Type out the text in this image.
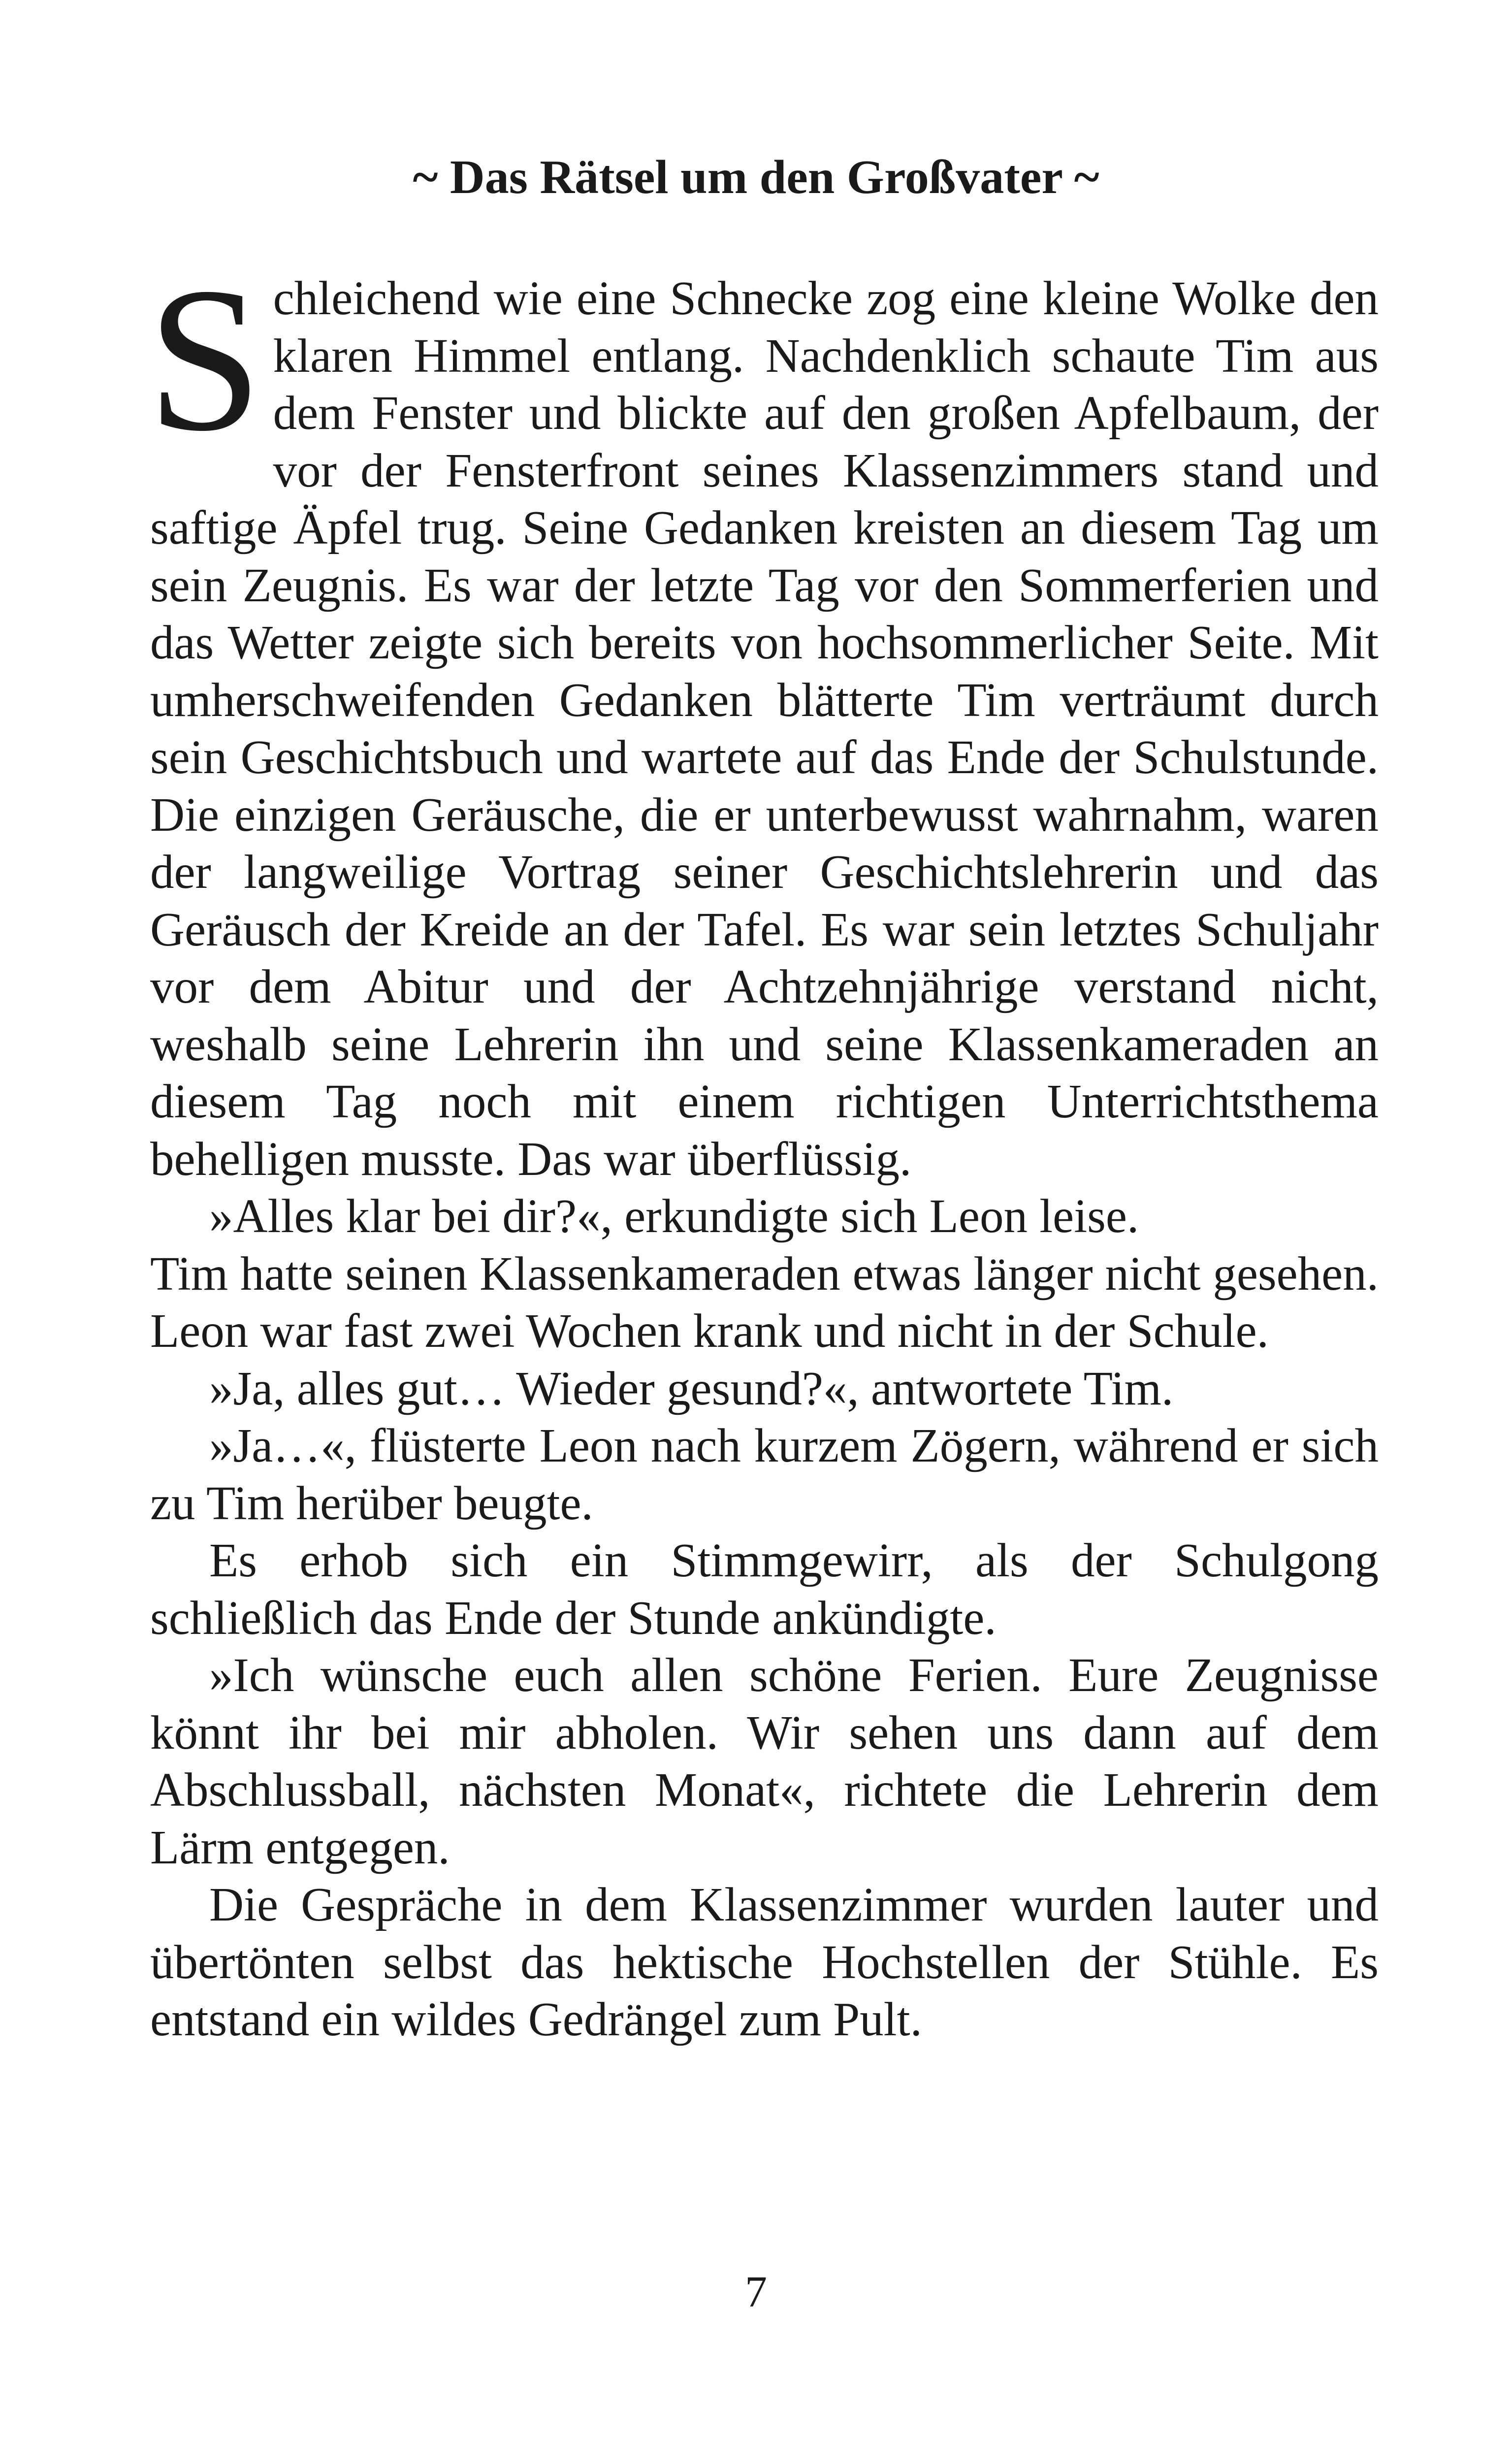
~ Das Rätsel um den Großvater ~

Schleichend wie eine Schnecke zog eine kleine Wolke den klaren Himmel entlang. Nachdenklich schaute Tim aus dem Fenster und blickte auf den großen Apfelbaum, der vor der Fensterfront seines Klassenzimmers stand und saftige Äpfel trug. Seine Gedanken kreisten an diesem Tag um sein Zeugnis. Es war der letzte Tag vor den Sommerferien und das Wetter zeigte sich bereits von hochsommerlicher Seite. Mit umherschweifenden Gedanken blätterte Tim verträumt durch sein Geschichtsbuch und wartete auf das Ende der Schulstunde. Die einzigen Geräusche, die er unterbewusst wahrnahm, waren der langweilige Vortrag seiner Geschichtslehrerin und das Geräusch der Kreide an der Tafel. Es war sein letztes Schuljahr vor dem Abitur und der Achtzehnjährige verstand nicht, weshalb seine Lehrerin ihn und seine Klassenkameraden an diesem Tag noch mit einem richtigen Unterrichtsthema behelligen musste. Das war überflüssig.

»Alles klar bei dir?«, erkundigte sich Leon leise.

Tim hatte seinen Klassenkameraden etwas länger nicht gesehen. Leon war fast zwei Wochen krank und nicht in der Schule.

»Ja, alles gut… Wieder gesund?«, antwortete Tim.

»Ja…«, flüsterte Leon nach kurzem Zögern, während er sich zu Tim herüber beugte.

Es erhob sich ein Stimmgewirr, als der Schulgong schließlich das Ende der Stunde ankündigte.

»Ich wünsche euch allen schöne Ferien. Eure Zeugnisse könnt ihr bei mir abholen. Wir sehen uns dann auf dem Abschlussball, nächsten Monat«, richtete die Lehrerin dem Lärm entgegen.

Die Gespräche in dem Klassenzimmer wurden lauter und übertönten selbst das hektische Hochstellen der Stühle. Es entstand ein wildes Gedrängel zum Pult.

7
